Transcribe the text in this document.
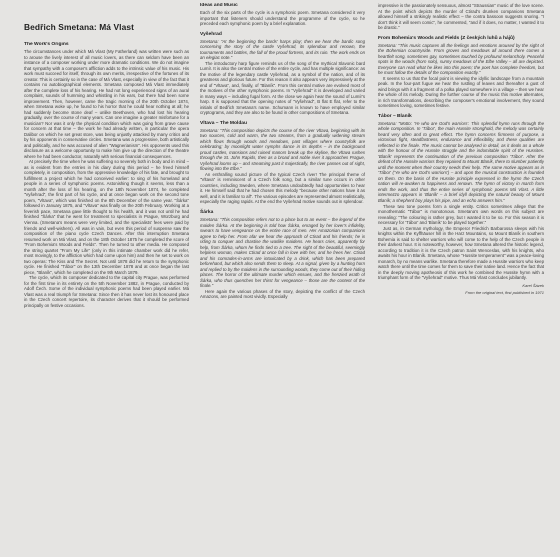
Bedřich Smetana: Má Vlast
The Work's Origins

The circumstances under which Má Vlast (My Fatherland) was written were such as to arouse the lively interest of all music lovers, as there can seldom have been an instance of a composer working under more dramatic conditions. We do not imagine that sympathy with a composer's affliction adds to the intrinsic value of his music. His work must succeed for itself, through its own merits, irrespective of the fortunes of its creator. This is certainly so in the case of Má Vlast, especially in view of the fact that it contains no autobiographical elements. Smetana composed Má Vlast immediately after the complete loss of his hearing. He had not long experienced signs of an aural complaint, sounds of humming and whistling in his ears, but there had been some improvement. Then, however, came the tragic morning of the 20th October 1874, when Smetana woke up, he found to his horror that he could hear nothing at all; he had suddenly become stone deaf – unlike Beethoven, who had lost his hearing gradually, over the course of many years. Can one imagine a greater misfortune for a musician? Nor was it only the physical condition which was going from grave cause for concern at that time – the work he had already written, in particular the opera Dalibor on which he set great store, was being unjustly attacked by many critics and by his opponents in conservative circles. Smetana was a progressive, both artistically and politically, and he was accused of alien "Wagnerianism". His opponents used this disclosure as a welcome opportunity to make him give up the direction of the theatre where he had been conductor, naturally with serious financial consequences.

At precisely the time when he was suffering so severely both in body and in mind – as is evident from the entries in his diary during this period – he freed himself completely, in composition, from the oppressive knowledge of his fate, and brought to fulfillment a project which he had conceived earlier: to sing of his homeland and people in a series of symphonic poems. Astonishing though it seems, less than a month after the loss of his hearing, on the 18th November 1874, he completed "Vyšehrad", the first part of his cycle, and at once began work on the second tone poem, "Vltava", which was finished on the 8th December of the same year. "Šárka" followed in January 1875, and "Vltava" was finally on the 20th February. Working at a feverish pace, Smetana gave little thought to his health, and it was not until he had finished "Šárka" that he went for treatment to specialists in Prague, Würzburg and Vienna. (Smetana's means were very limited, and the specialists' fees were paid by friends and well-wishers). All was in vain, but even this period of suspense saw the composition of the piano cycle Czech Dances. After this interruption Smetana resumed work on Má Vlast, and on the 18th October 1875 he completed the score of "From Bohemia's Woods and Fields". Then he turned to other media. He composed the string quartet "From My Life" (only in this intimate chamber work did he refer, most movingly, to the affliction which had come upon him) and then he set to work on two operas: The Kiss and The Secret. Not until 1878 did he return to the symphonic cycle. He finished "Tábor" on the 13th December 1878 and at once began the last piece, "Blaník", which he completed on the 9th March 1879.

The cycle, which its composer dedicated to the capital city Prague, was performed for the first time in its entirety on the 5th November 1882, in Prague, conducted by Adolf Čech. Some of the individual symphonic poems had been played earlier. Má Vlast was a real triumph for Smetana: Since then it has never lost its honoured place in the Czech concert repertoire, its character derives that it should be performed principally on festive occasions.

Ideas and Music

Each of the six parts of the cycle is a symphonic poem. Smetana considered it very important that listeners should understand the programme of the cycle, so he preceded each symphonic poem by a brief explanation.

Vyšehrad

Smetana: "At the beginning the bards' harps play; then we hear the bardic song concerning the story of the castle Vyšehrad, its splendour and renown, the tournaments and battles, the fall of the proud fortress, and its ruin. The work ends on an elegiac note."

The introductory harp figure reminds us of the song of the mythical Slavonic bard Lumír. It is also the central motive of the entire cycle, and has multiple significance: as the motive of the legendary castle Vyšehrad, as a symbol of the nation, and of its greatness and glorious future. For this reason it also appears very impressively at the end of "Vltava", and, finally, of "Blaník". From this central motive are evolved most of the motives of the other symphonic poems. In "Vyšehrad" it is developed and varied in many ways – including fugal form. At the close we again hear the sound of Lumír's harp. It is supposed that the opening notes of "Vyšehrad", B flat E flat, refer to the initials of Bedřich Smetana's name. Schumann is known to have employed similar cryptograms, and they are also to be found in other compositions of Smetana.

Vltava – The Moldau

Smetana: "This composition depicts the course of the river Vltava, beginning with its two sources, cold and warm, the two streams, from a gradually widening stream which flows through woods and meadows, past villages where countryfolk are celebrating; by moonlight water nymphs dance in its depths – in the background proud castles, mansions and ruined manors break up the skyline, the Vltava rushes through the St. John Rapids, then as a broad and noble river it approaches Prague, Vyšehrad looms up – and streaming past it majestically, the river passes out of sight, flowing into the Elbe."

An enthralling sound picture of the typical Czech river! The principal theme of "Vltava" is reminiscent of a Czech folk song, but a similar tune occurs in other countries, including Sweden, where Smetana undoubtedly had opportunities to hear it. He himself said that he had chosen this melody "because other nations have it as well, and it is familiar to all". The various episodes are represented almost realistically, especially the raging rapids. At the end the Vyšehrad motive sounds out in splendour.

Šárka

Smetana: "This composition refers not to a place but to an event – the legend of the maiden Šárka. At the beginning is told how Šárka, enraged by her lover's infidelity, swears to have vengeance on the entire race of men. Her Amazonian companions agree to help her. From afar we hear the approach of Ctirad and his friends; he is riding to conquer and chastise the warlike maidens. He hears cries, apparently for help, from Šárka, whom he finds tied to a tree. The sight of the beautiful, seemingly helpless woman, makes Ctirad at once fall in love with her, and he frees her. Ctirad and his comrades-in-arms are intoxicated by a drink, which has been prepared beforehand, but which also sends them to sleep. At a signal, given by a hunting horn and replied to by the maidens in the surrounding woods, they come out of their hiding places. The horror of the ultimate murder which ensues, and the frenzied wrath of Šárka, who thus quenches her thirst for vengeance – those are the content of the finale."

Here again the various phases of the story, depicting the conflict of the Czech Amazons, are painted most vividly. Especially

impressive is the passionately sensuous, almost "Straussian" music of the love scene. At the point which depicts the murder of Ctirad's drunken companions Smetana allowed himself a strikingly realistic effect – the contra bassoon suggests snoring. "I don't think it will seem comic", he commented, "and if it does, no matter, I wanted it to be drastic."

From Bohemia's Woods and Fields (Z českých luhů a hájů)

Smetana: "This music captures all the feelings and emotions aroused by the sight of the Bohemian countryside. From groves and meadows all around there comes a heartfelt song, sometimes gay, sometimes touched by profound melancholy. Peaceful spots in the woods (horn solo), sunny meadows of the Elbe Valley – all are depicted. Everyone can read what he likes into this poem; the poet has complete freedom, but he must follow the details of the composition exactly."

It seems to us that the focal point is viewing the idyllic landscape from a mountain peak. In the four-part fugue we hear the rustling of leaves and thereafter a gust of wind brings with it a fragment of a polka played somewhere in a village – then we hear the whole of its melody. During the further course of the music this motive alternates, in rich transformations, describing the composer's emotional involvement, they sound sometimes loving, sometimes festive.

Tábor – Blaník

Smetana: "Motto: 'Ye who are God's warriors'. This splendid hymn runs through the whole composition. In 'Tábor', the main Hussite stronghold, the melody was certainly heard very often and to great effect. The hymn concerns firmness of purpose, a victorious fight, steadfastness, endurance and inflexibility, and these qualities are reflected in the finale. The music cannot be analysed in detail, as it deals as a whole with the honour of the Hussite struggle and the indomitable spirit of the Hussites. 'Blaník' represents the continuation of the previous composition 'Tábor'. After the defeat of the Hussite warriors they repaired to Mount Blaník, there to slumber patiently until the moment when their country needs their help. The same motive appears as in 'Tábor' ('Ye who are God's warriors') – and upon the musical construction is founded on them. On the basis of the Hussite principle expressed in the hymn the Czech nation will re-awaken to happiness and renown. The hymn of victory in march form ends the work, and thus the entire series of symphonic poems Má Vlast. A little intermezzo appears in 'Blaník' – a brief idyll depicting the natural beauty of Mount Blaník; a shepherd boy plays his pipe, and an echo answers him."

These two tone poems form a single entity. Critics sometimes allege that the monothematic "Tábor" is monotonous. Smetana's own words on this subject are revealing: "The colouring is rather grey, but I wanted it to be so. For this season it is necessary for 'Tábor' and 'Blaník' to be played together."

Just as, in German mythology, the Emperor Friedrich Barbarossa sleeps with his knights within the Kyffhäuser hill in the Harz Mountains, so Mount Blaník in southern Bohemia is said to shelter warriors who will come to the help of the Czech people in their darkest hour. It is noteworthy, however, how Smetana altered the historic legend, according to tradition it is the Czech patron Saint Wenceslas, with his knights, who awaits his hour in Blaník. Smetana, whose "Hussite temperament" was a peace-loving monarch, by no means warlike. Smetana therefore made a Hussite warriors who keep watch there until the time comes for them to save their native land. Hence the fact that in the deeply moving apotheosis of this work he combined the Hussite hymn with a triumphant form of the "Vyšehrad" motive. Thus Má Vlast concludes jubilantly.

Karel Šázek
From the original text, first published in 1971
